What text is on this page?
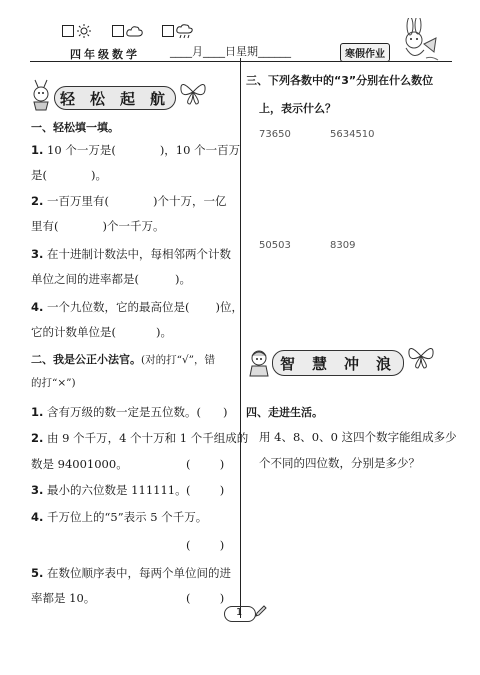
四年级数学	____月____日星期______	寒假作业
轻 松 起 航
一、轻松填一填。
1. 10 个一万是(	)，10 个一百万
是(	)。
2. 一百万里有(	)个十万，一亿
里有(	)个一千万。
3. 在十进制计数法中，每相邻两个计数
单位之间的进率都是(	)。
4. 一个九位数，它的最高位是( )位，
它的计数单位是(	)。
二、我是公正小法官。(对的打“√”，错
的打“×”)
1. 含有万级的数一定是五位数。( )
2. 由 9 个千万，4 个十万和 1 个千组成的
数是 94001000。	(        )
3. 最小的六位数是 111111。 (        )
4. 千万位上的“5”表示 5 个千万。
(        )
5. 在数位顺序表中，每两个单位间的进
率都是 10。	(        )
三、下列各数中的“3”分别在什么数位
上，表示什么？
73650	5634510
50503	8309
智 慧 冲 浪
四、走进生活。
用 4、8、0、0 这四个数字能组成多少
个不同的四位数，分别是多少？
1
